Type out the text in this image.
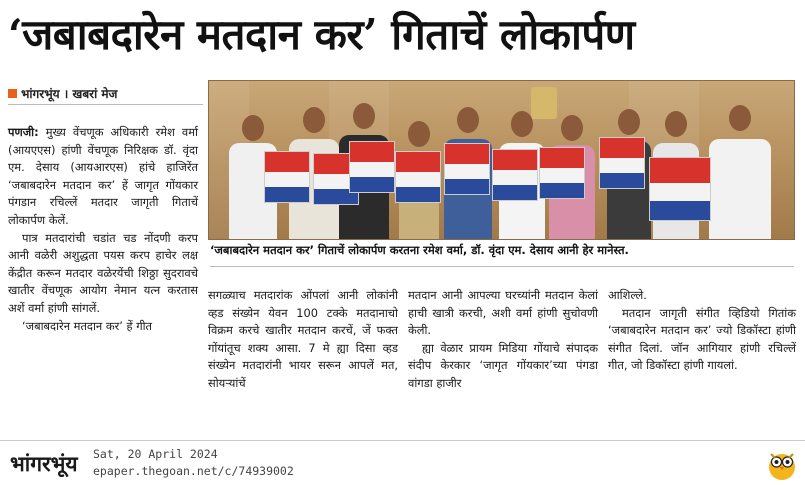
‘जबाबदारेन मतदान कर’ गिताचें लोकार्पण
भांगरभूंय । खबरां मेज

पणजी: मुख्य वेंचणूक अधिकारी रमेश वर्मा (आयएएस) हांणी वेंचणूक निरिक्षक डॉ. वृंदा एम. देसाय (आयआरएस) हांचे हाजिरेंत ‘जबाबदारेन मतदान कर’ हें जागृत गोंयकार पंगडान रचिल्लें मतदार जागृती गिताचें लोकार्पण केलें.

पात्र मतदारांची चडांत चड नोंदणी करप आनी वळेरी अशुद्धता पयस करप हाचेर लक्ष केंद्रीत करून मतदार वळेरयेंची शिठ्ठा सुदरावचे खातीर वेंचणूक आयोग नेमान यत्न करतास अशें वर्मा हांणी सांगलें.

‘जबाबदारेन मतदान कर’ हें गीत

‘जबाबदारेन मतदान कर’ गिताचें लोकार्पण करतना रमेश वर्मा, डॉ. वृंदा एम. देसाय आनी हेर मानेस्त.

सगळ्याच मतदारांक ओंपलां आनी लोकांनी व्हड संख्येन येवन 100 टक्के मतदानाचो विक्रम करचे खातीर मतदान करचें, जें फक्त गोंयांतूच शक्य आसा. 7 मे ह्या दिसा व्हड संख्येन मतदारांनी भायर सरून आपलें मत, सोयऱ्यांचें

मतदान आनी आपल्या घरच्यांनी मतदान केलां हाची खात्री करची, अशी वर्मा हांणी सुचोवणी केली.

ह्या वेळार प्रायम मिडिया गोंयाचे संपादक संदीप केरकार ‘जागृत गोंयकार’च्या पंगडा वांगडा हाजीर

आशिल्ले.

मतदान जागृती संगीत व्हिडियो गितांक ‘जबाबदारेन मतदान कर’ ज्यो डिकॉस्टा हांणी संगीत दिलां. जॉन आगियार हांणी रचिल्लें गीत, जो डिकॉस्टा हांणी गायलां.

भांगरभूंय Sat, 20 April 2024
epaper.thegoan.net/c/74939002
